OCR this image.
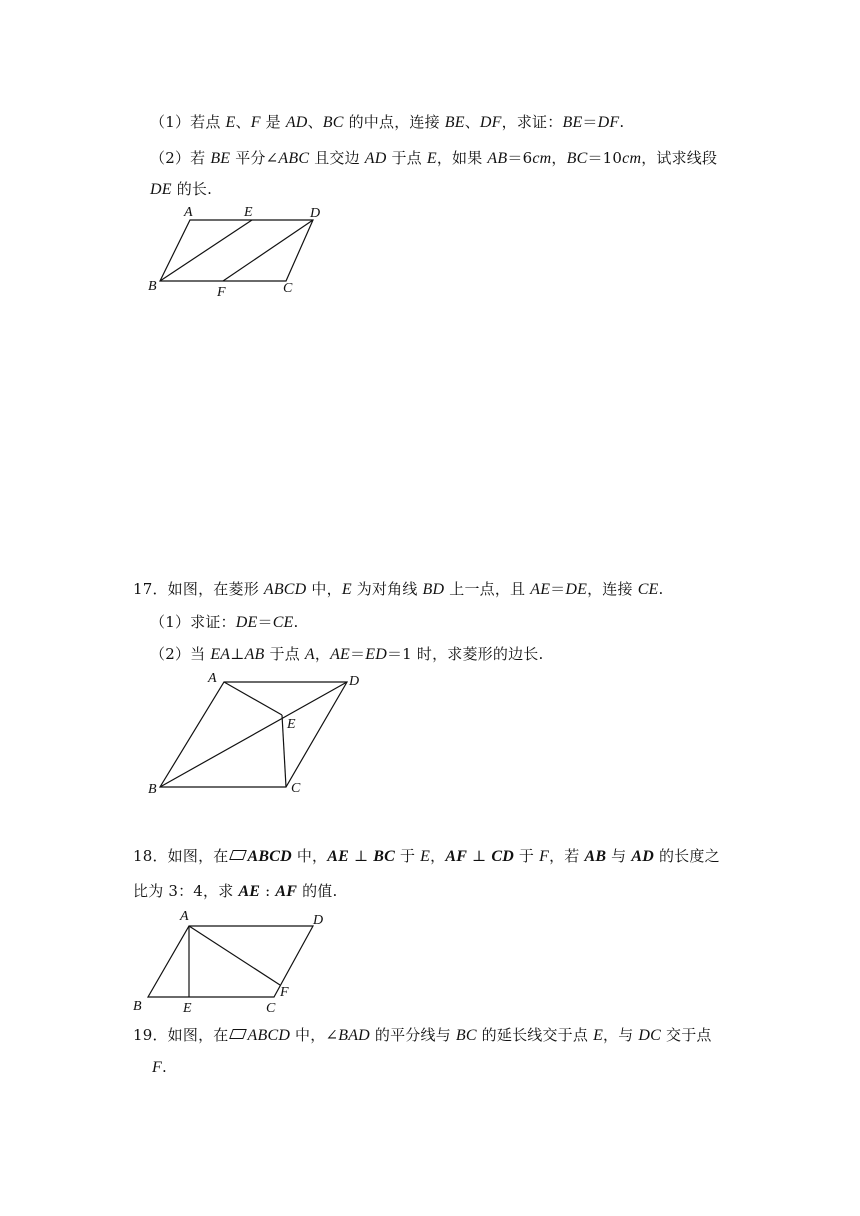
（1）若点 E、F 是 AD、BC 的中点，连接 BE、DF，求证：BE＝DF.
（2）若 BE 平分∠ABC 且交边 AD 于点 E，如果 AB＝6cm，BC＝10cm，试求线段
DE 的长.
A	E	D
B	F	C
17．如图，在菱形 ABCD 中，E 为对角线 BD 上一点，且 AE＝DE，连接 CE.
（1）求证：DE＝CE.
（2）当 EA⊥AB 于点 A，AE＝ED＝1 时，求菱形的边长.
A	D
E
B	C
18．如图，在 ABCD 中，AE ⊥ BC 于 E，AF ⊥ CD 于 F，若 AB 与 AD 的长度之
比为 3：4，求 AE : AF 的值.
A	D
B	E	C
F
19．如图，在 ABCD 中，∠BAD 的平分线与 BC 的延长线交于点 E，与 DC 交于点
F.
